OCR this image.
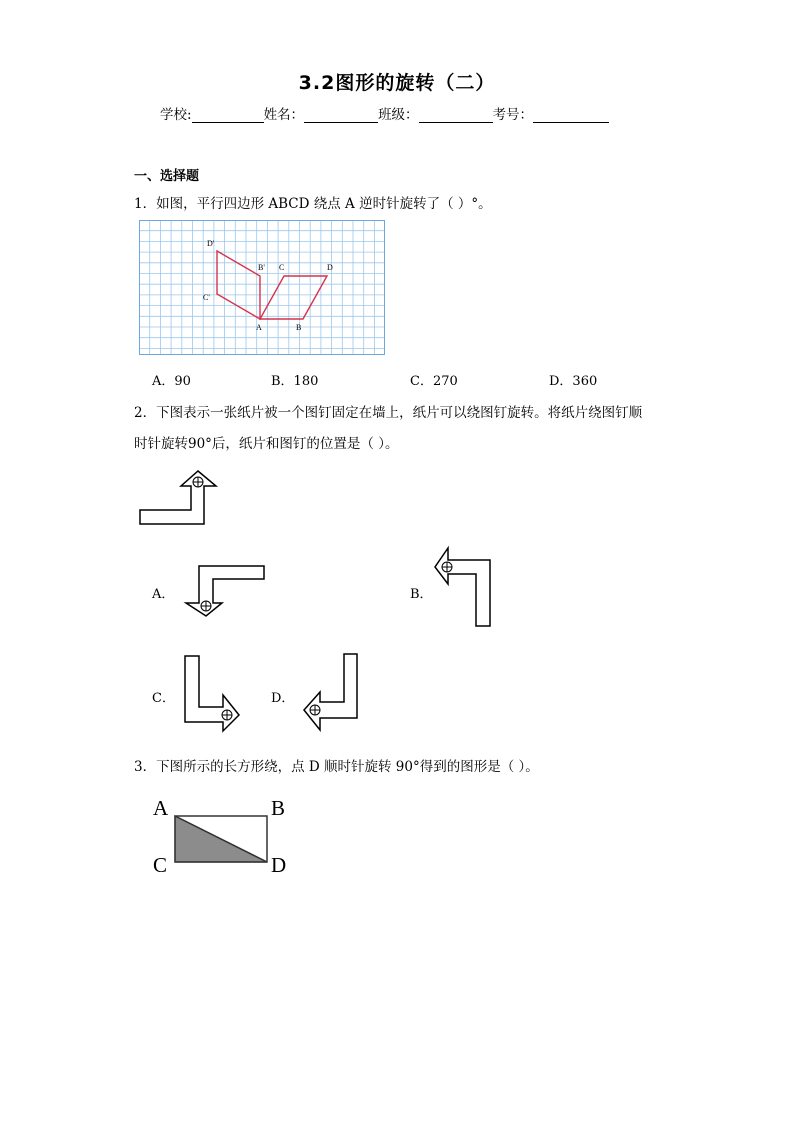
3.2图形的旋转（二）
学校:	姓名：	班级：	考号：
一、选择题
1．如图，平行四边形 ABCD 绕点 A 逆时针旋转了（ ）°。
D'
B' C	D
C'
A	B
A．90	B．180	C．270	D．360
2．下图表示一张纸片被一个图钉固定在墙上，纸片可以绕图钉旋转。将纸片绕图钉顺
时针旋转90°后，纸片和图钉的位置是（ ）。
A．	B．
C．	D．
3．下图所示的长方形绕，点 D 顺时针旋转 90°得到的图形是（ ）。
A	B
C	D
